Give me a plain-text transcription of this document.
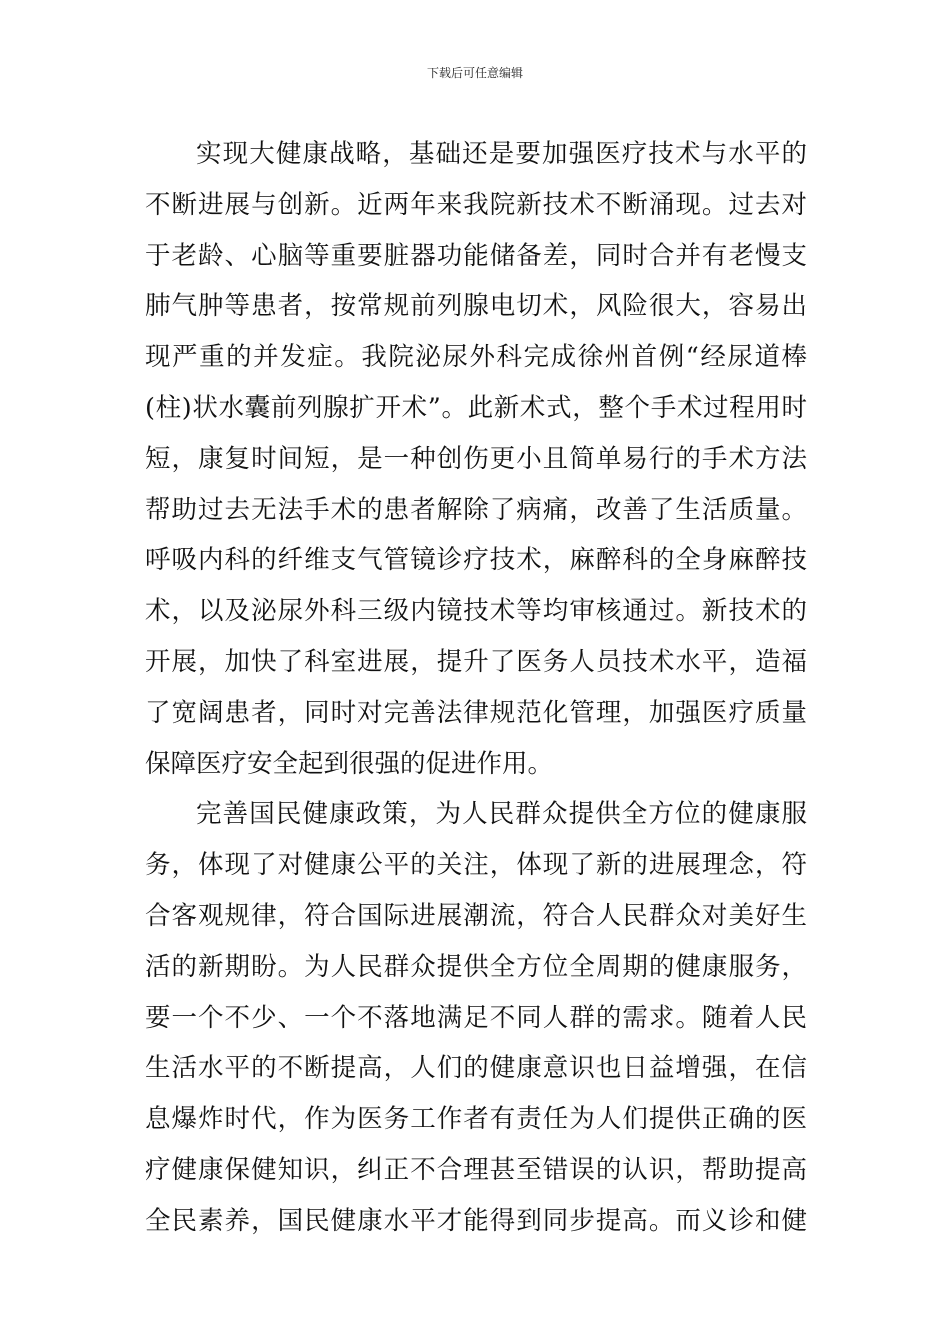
下载后可任意编辑
实现大健康战略，基础还是要加强医疗技术与水平的
不断进展与创新。近两年来我院新技术不断涌现。过去对
于老龄、心脑等重要脏器功能储备差，同时合并有老慢支
肺气肿等患者，按常规前列腺电切术，风险很大，容易出
现严重的并发症。我院泌尿外科完成徐州首例“经尿道棒
(柱)状水囊前列腺扩开术”。此新术式，整个手术过程用时
短，康复时间短，是一种创伤更小且简单易行的手术方法
帮助过去无法手术的患者解除了病痛，改善了生活质量。
呼吸内科的纤维支气管镜诊疗技术，麻醉科的全身麻醉技
术，以及泌尿外科三级内镜技术等均审核通过。新技术的
开展，加快了科室进展，提升了医务人员技术水平，造福
了宽阔患者，同时对完善法律规范化管理，加强医疗质量
保障医疗安全起到很强的促进作用。
完善国民健康政策，为人民群众提供全方位的健康服
务，体现了对健康公平的关注，体现了新的进展理念，符
合客观规律，符合国际进展潮流，符合人民群众对美好生
活的新期盼。为人民群众提供全方位全周期的健康服务，
要一个不少、一个不落地满足不同人群的需求。随着人民
生活水平的不断提高，人们的健康意识也日益增强，在信
息爆炸时代，作为医务工作者有责任为人们提供正确的医
疗健康保健知识，纠正不合理甚至错误的认识，帮助提高
全民素养，国民健康水平才能得到同步提高。而义诊和健
